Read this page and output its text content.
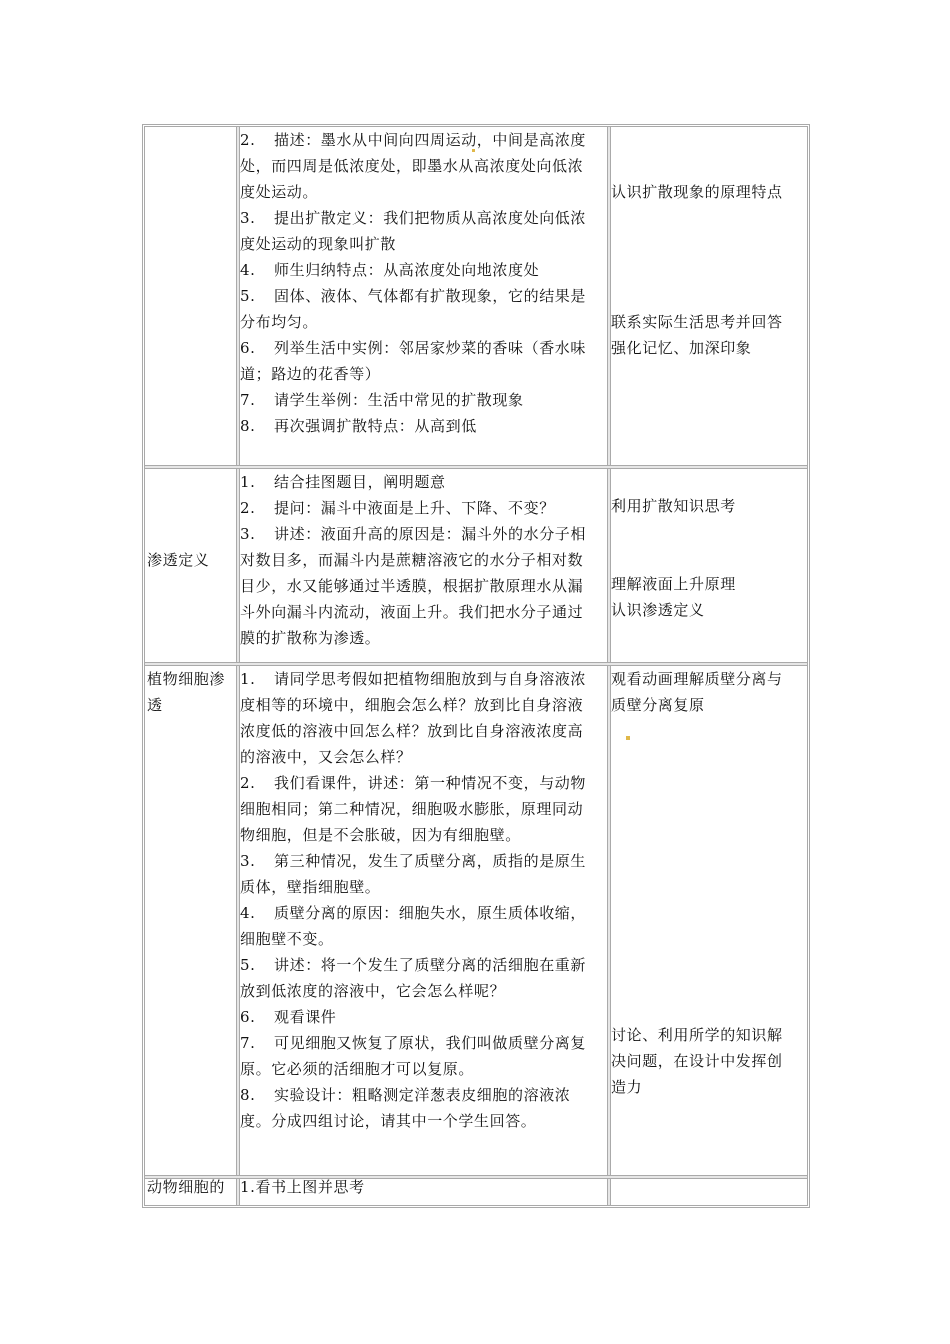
2. 描述：墨水从中间向四周运动，中间是高浓度
处，而四周是低浓度处，即墨水从高浓度处向低浓
度处运动。
3. 提出扩散定义：我们把物质从高浓度处向低浓
度处运动的现象叫扩散
4. 师生归纳特点：从高浓度处向地浓度处
5. 固体、液体、气体都有扩散现象，它的结果是
分布均匀。
6. 列举生活中实例：邻居家炒菜的香味（香水味
道；路边的花香等）
7. 请学生举例：生活中常见的扩散现象
8. 再次强调扩散特点：从高到低
认识扩散现象的原理特点
联系实际生活思考并回答
强化记忆、加深印象
渗透定义
1. 结合挂图题目，阐明题意
2. 提问：漏斗中液面是上升、下降、不变？
3. 讲述：液面升高的原因是：漏斗外的水分子相
对数目多，而漏斗内是蔗糖溶液它的水分子相对数
目少，水又能够通过半透膜，根据扩散原理水从漏
斗外向漏斗内流动，液面上升。我们把水分子通过
膜的扩散称为渗透。
利用扩散知识思考
理解液面上升原理
认识渗透定义
植物细胞渗
透
1. 请同学思考假如把植物细胞放到与自身溶液浓
度相等的环境中，细胞会怎么样？放到比自身溶液
浓度低的溶液中回怎么样？放到比自身溶液浓度高
的溶液中，又会怎么样？
2. 我们看课件，讲述：第一种情况不变，与动物
细胞相同；第二种情况，细胞吸水膨胀，原理同动
物细胞，但是不会胀破，因为有细胞壁。
3. 第三种情况，发生了质壁分离，质指的是原生
质体，壁指细胞壁。
4. 质壁分离的原因：细胞失水，原生质体收缩，
细胞壁不变。
5. 讲述：将一个发生了质壁分离的活细胞在重新
放到低浓度的溶液中，它会怎么样呢？
6. 观看课件
7. 可见细胞又恢复了原状，我们叫做质壁分离复
原。它必须的活细胞才可以复原。
8. 实验设计：粗略测定洋葱表皮细胞的溶液浓
度。分成四组讨论，请其中一个学生回答。
观看动画理解质壁分离与
质壁分离复原
讨论、利用所学的知识解
决问题，在设计中发挥创
造力
动物细胞的 1.看书上图并思考
